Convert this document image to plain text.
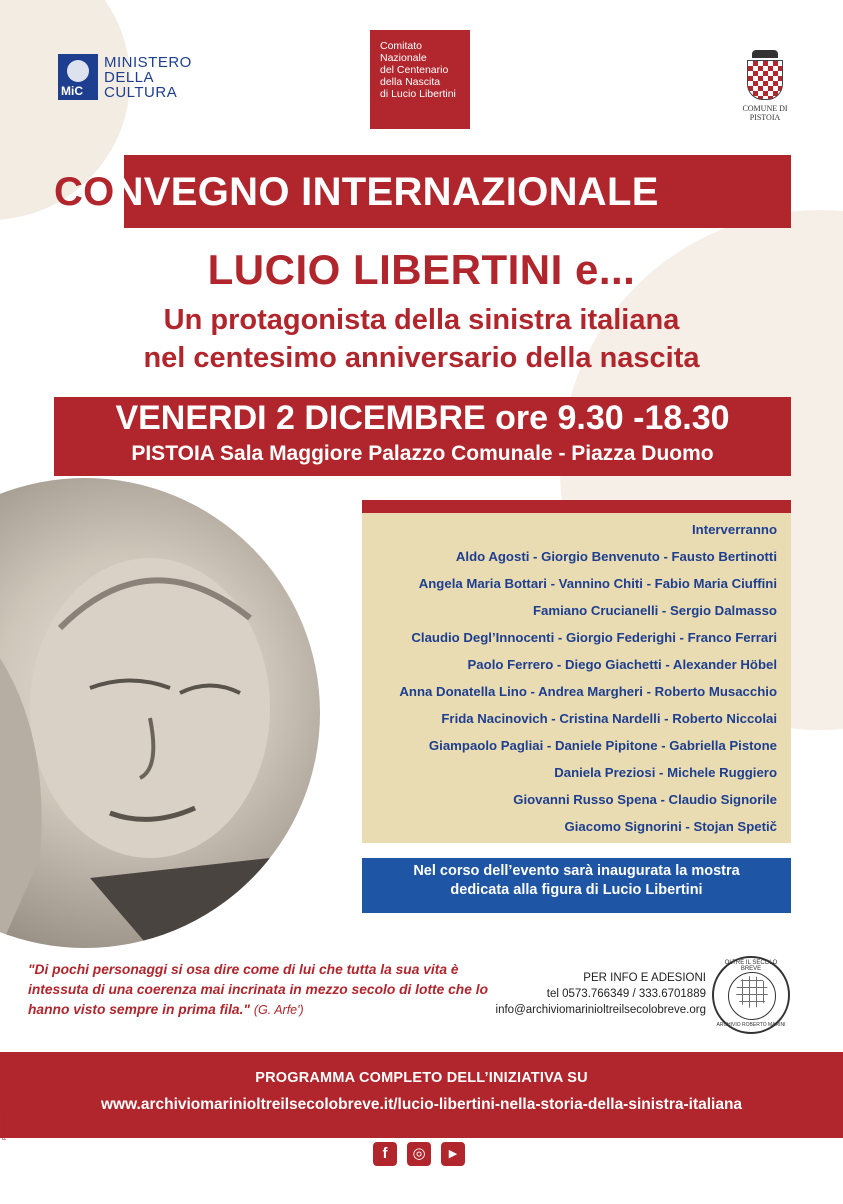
MiC
MINISTERO
DELLA
CULTURA
Comitato
Nazionale
del Centenario
della Nascita
di Lucio Libertini
COMUNE DI PISTOIA
CONVEGNO INTERNAZIONALE
LUCIO LIBERTINI e...
Un protagonista della sinistra italiana
nel centesimo anniversario della nascita
VENERDI 2 DICEMBRE ore 9.30 -18.30
PISTOIA Sala Maggiore Palazzo Comunale - Piazza Duomo
Interverranno
Aldo Agosti - Giorgio Benvenuto - Fausto Bertinotti
Angela Maria Bottari - Vannino Chiti - Fabio Maria Ciuffini
Famiano Crucianelli - Sergio Dalmasso
Claudio Degl’Innocenti - Giorgio Federighi - Franco Ferrari
Paolo Ferrero - Diego Giachetti - Alexander Höbel
Anna Donatella Lino - Andrea Margheri - Roberto Musacchio
Frida Nacinovich - Cristina Nardelli - Roberto Niccolai
Giampaolo Pagliai - Daniele Pipitone - Gabriella Pistone
Daniela Preziosi - Michele Ruggiero
Giovanni Russo Spena - Claudio Signorile
Giacomo Signorini - Stojan Spetič
Nel corso dell’evento sarà inaugurata la mostra
dedicata alla figura di Lucio Libertini
"Di pochi personaggi si osa dire come di lui che tutta la sua vita è intessuta di una coerenza mai incrinata in mezzo secolo di lotte che lo hanno visto sempre in prima fila." (G. Arfe')
PER INFO E ADESIONI
tel 0573.766349 / 333.6701889
info@archiviomarinioltreilsecolobreve.org
OLTRE IL SECOLO BREVE
ARCHIVIO ROBERTO MARINI
PROGRAMMA COMPLETO DELL’INIZIATIVA SU
www.archiviomarinioltreilsecolobreve.it/lucio-libertini-nella-storia-della-sinistra-italiana
f	◎	▶
PROPAGANDA2022
